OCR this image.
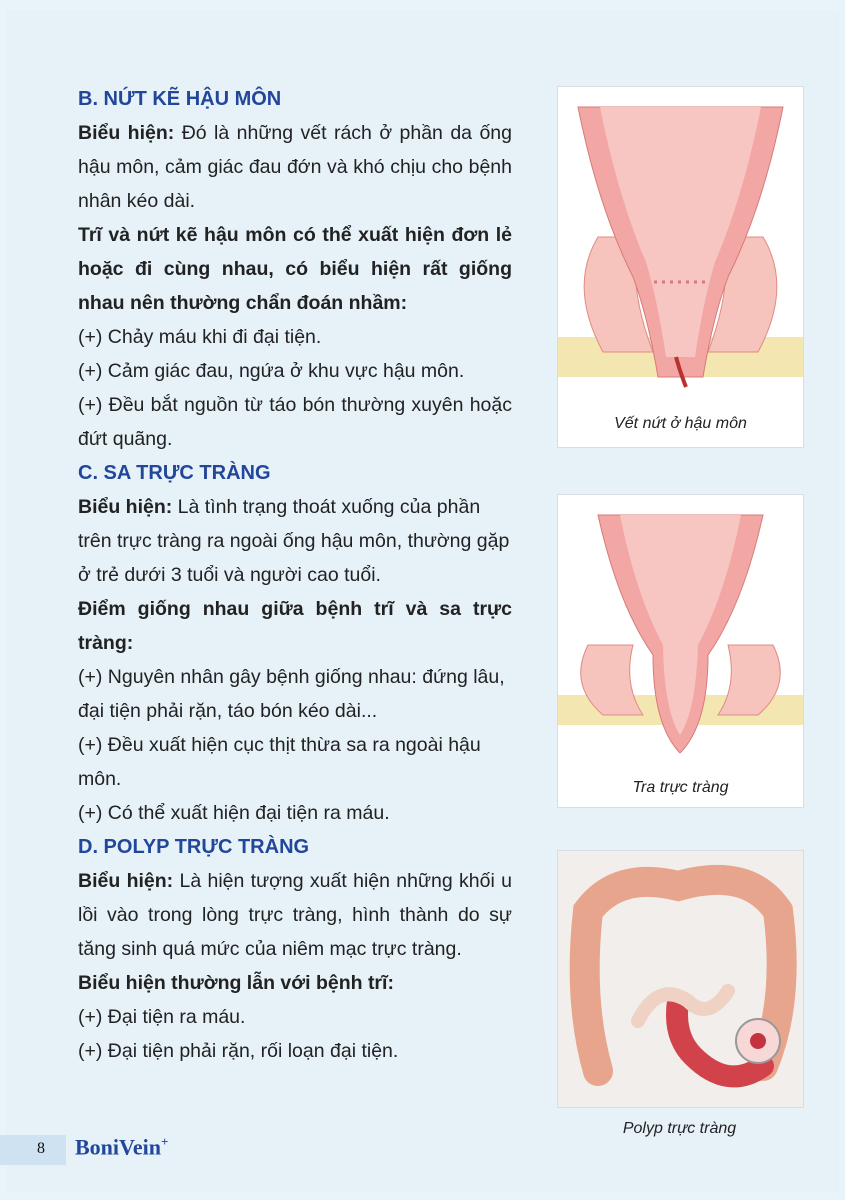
B. NỨT KẼ HẬU MÔN

Biểu hiện: Đó là những vết rách ở phần da ống hậu môn, cảm giác đau đớn và khó chịu cho bệnh nhân kéo dài.

Trĩ và nứt kẽ hậu môn có thể xuất hiện đơn lẻ hoặc đi cùng nhau, có biểu hiện rất giống nhau nên thường chẩn đoán nhầm:

(+) Chảy máu khi đi đại tiện.

(+) Cảm giác đau, ngứa ở khu vực hậu môn.

(+) Đều bắt nguồn từ táo bón thường xuyên hoặc đứt quãng.

C. SA TRỰC TRÀNG

Biểu hiện: Là tình trạng thoát xuống của phần trên trực tràng ra ngoài ống hậu môn, thường gặp ở trẻ dưới 3 tuổi và người cao tuổi.

Điểm giống nhau giữa bệnh trĩ và sa trực tràng:

(+) Nguyên nhân gây bệnh giống nhau: đứng lâu, đại tiện phải rặn, táo bón kéo dài...

(+) Đều xuất hiện cục thịt thừa sa ra ngoài hậu môn.

(+) Có thể xuất hiện đại tiện ra máu.

D. POLYP TRỰC TRÀNG

Biểu hiện: Là hiện tượng xuất hiện những khối u lồi vào trong lòng trực tràng, hình thành do sự tăng sinh quá mức của niêm mạc trực tràng.

Biểu hiện thường lẫn với bệnh trĩ:

(+) Đại tiện ra máu.

(+) Đại tiện phải rặn, rối loạn đại tiện.

Vết nứt ở hậu môn
Tra trực tràng
Polyp trực tràng
8 BoniVein+
